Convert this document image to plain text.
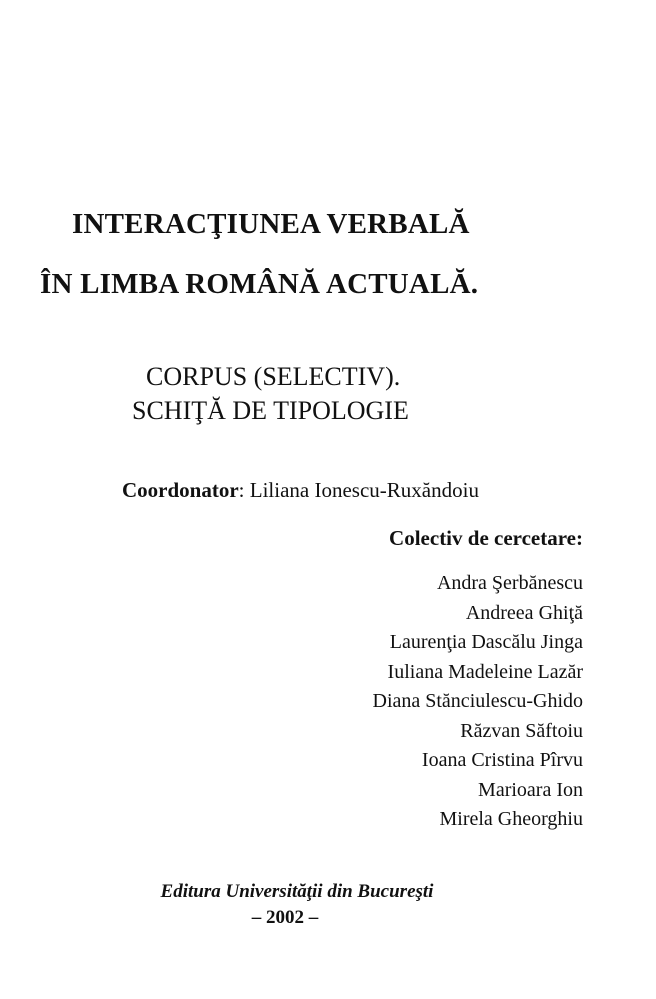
INTERACŢIUNEA VERBALĂ
ÎN LIMBA ROMÂNĂ ACTUALĂ.
CORPUS (SELECTIV).
SCHIŢĂ DE TIPOLOGIE
Coordonator: Liliana Ionescu-Ruxăndoiu
Colectiv de cercetare:
Andra Şerbănescu
Andreea Ghiţă
Laurenţia Dascălu Jinga
Iuliana Madeleine Lazăr
Diana Stănciulescu-Ghido
Răzvan Săftoiu
Ioana Cristina Pîrvu
Marioara Ion
Mirela Gheorghiu
Editura Universităţii din Bucureşti
– 2002 –
